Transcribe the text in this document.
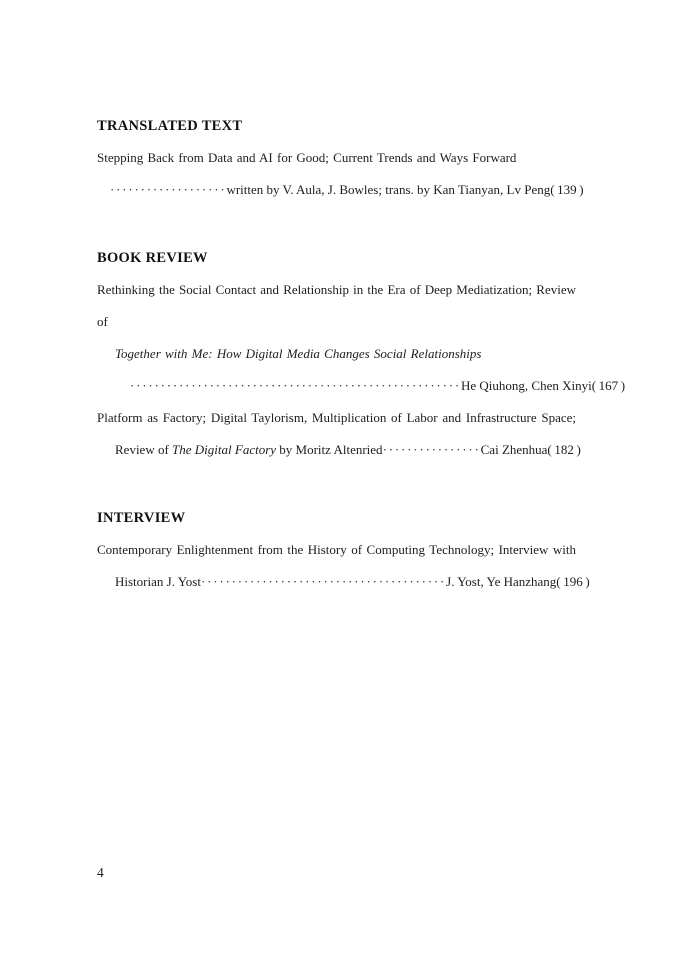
TRANSLATED TEXT
Stepping Back from Data and AI for Good; Current Trends and Ways Forward
··················· written by V. Aula, J. Bowles; trans. by Kan Tianyan, Lv Peng( 139 )
BOOK REVIEW
Rethinking the Social Contact and Relationship in the Era of Deep Mediatization; Review of
Together with Me: How Digital Media Changes Social Relationships
······················································ He Qiuhong, Chen Xinyi( 167 )
Platform as Factory; Digital Taylorism, Multiplication of Labor and Infrastructure Space;
Review of The Digital Factory by Moritz Altenried ················ Cai Zhenhua( 182 )
INTERVIEW
Contemporary Enlightenment from the History of Computing Technology; Interview with
Historian J. Yost ········································ J. Yost, Ye Hanzhang( 196 )
4
